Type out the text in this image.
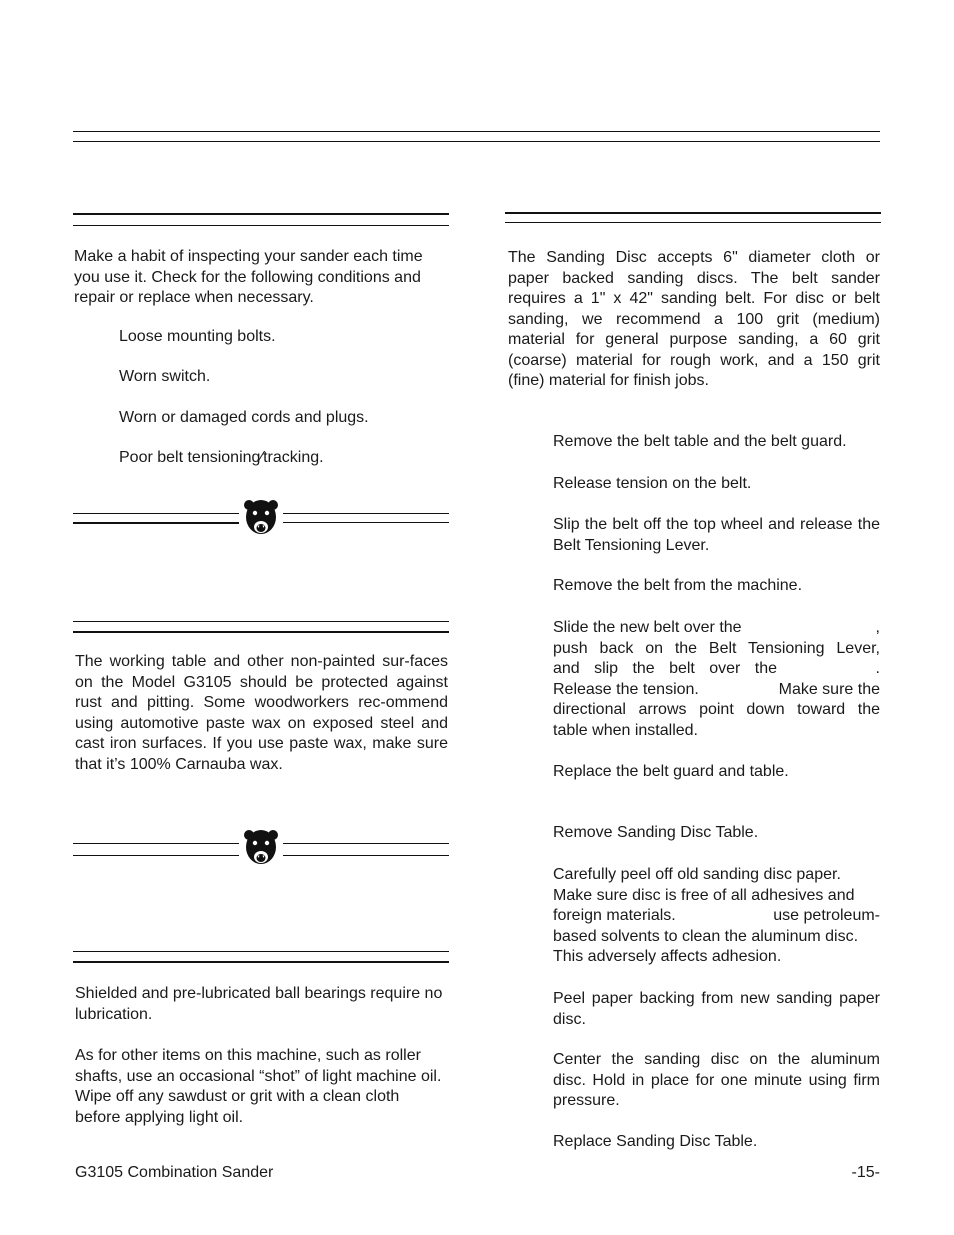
Make a habit of inspecting your sander each time you use it. Check for the following conditions and repair or replace when necessary.

Loose mounting bolts.
Worn switch.
Worn or damaged cords and plugs.
Poor belt tensioning⁄tracking.

The working table and other non-painted sur-faces on the Model G3105 should be protected against rust and pitting. Some woodworkers rec-ommend using automotive paste wax on exposed steel and cast iron surfaces. If you use paste wax, make sure that it’s 100% Carnauba wax.

Shielded and pre-lubricated ball bearings require no lubrication.

As for other items on this machine, such as roller shafts, use an occasional “shot” of light machine oil. Wipe off any sawdust or grit with a clean cloth before applying light oil.

The Sanding Disc accepts 6" diameter cloth or paper backed sanding discs. The belt sander requires a 1" x 42" sanding belt. For disc or belt sanding, we recommend a 100 grit (medium) material for general purpose sanding, a 60 grit (coarse) material for rough work, and a 150 grit (fine) material for finish jobs.

Remove the belt table and the belt guard.
Release tension on the belt.
Slip the belt off the top wheel and release the Belt Tensioning Lever.
Remove the belt from the machine.
Slide the new belt over the	,
push back on the Belt Tensioning Lever,
and slip the belt over the	.
Release the tension.	Make sure the
directional arrows point down toward the
table when installed.
Replace the belt guard and table.
Remove Sanding Disc Table.
Carefully peel off old sanding disc paper.
Make sure disc is free of all adhesives and
foreign materials.	use petroleum-
based solvents to clean the aluminum disc.
This adversely affects adhesion.
Peel paper backing from new sanding paper disc.
Center the sanding disc on the aluminum disc. Hold in place for one minute using firm pressure.
Replace Sanding Disc Table.
G3105 Combination Sander	-15-
